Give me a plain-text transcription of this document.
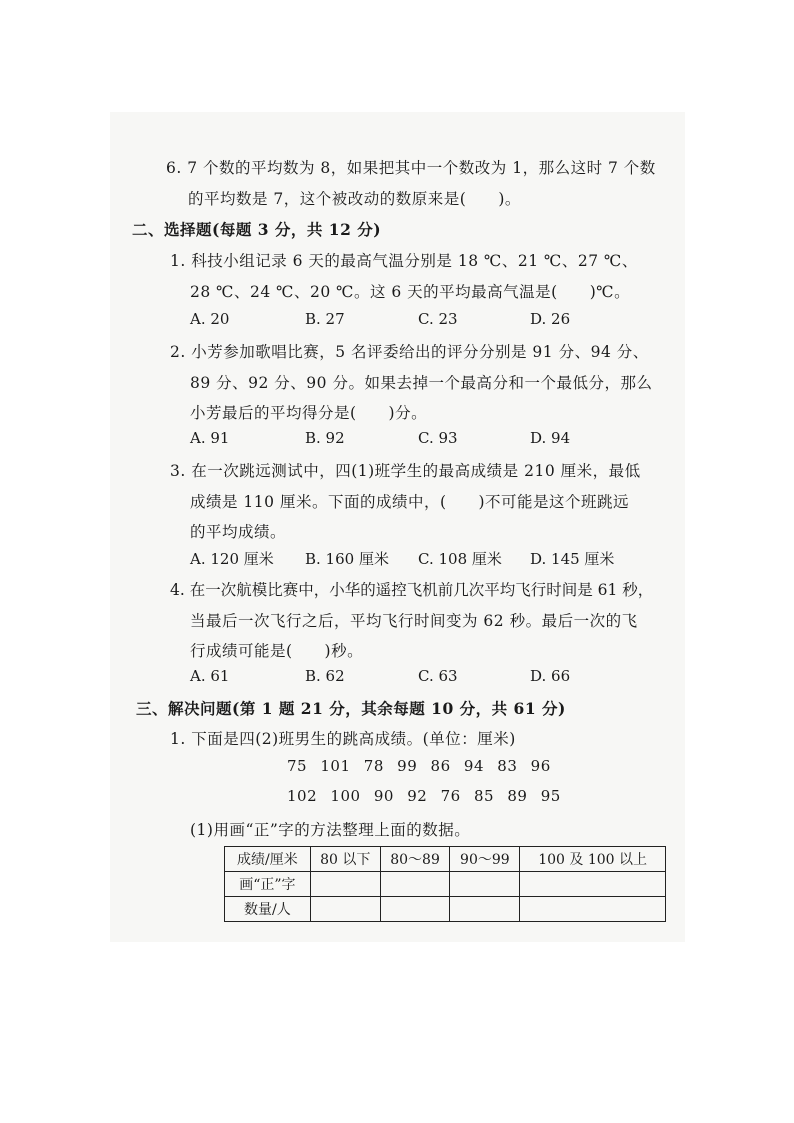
6. 7 个数的平均数为 8，如果把其中一个数改为 1，那么这时 7 个数
的平均数是 7，这个被改动的数原来是(　　)。
二、选择题(每题 3 分，共 12 分)
1. 科技小组记录 6 天的最高气温分别是 18 ℃、21 ℃、27 ℃、
28 ℃、24 ℃、20 ℃。这 6 天的平均最高气温是(　　)℃。
A. 20	B. 27	C. 23	D. 26
2. 小芳参加歌唱比赛，5 名评委给出的评分分别是 91 分、94 分、
89 分、92 分、90 分。如果去掉一个最高分和一个最低分，那么
小芳最后的平均得分是(　　)分。
A. 91	B. 92	C. 93	D. 94
3. 在一次跳远测试中，四(1)班学生的最高成绩是 210 厘米，最低
成绩是 110 厘米。下面的成绩中，(　　)不可能是这个班跳远
的平均成绩。
A. 120 厘米 B. 160 厘米 C. 108 厘米 D. 145 厘米
4. 在一次航模比赛中，小华的遥控飞机前几次平均飞行时间是 61 秒，
当最后一次飞行之后，平均飞行时间变为 62 秒。最后一次的飞
行成绩可能是(　　)秒。
A. 61	B. 62	C. 63	D. 66
三、解决问题(第 1 题 21 分，其余每题 10 分，共 61 分)
1. 下面是四(2)班男生的跳高成绩。(单位：厘米)
75 101 78 99 86 94 83 96
102 100 90 92 76 85 89 95
(1)用画“正”字的方法整理上面的数据。
成绩/厘米	80 以下	80～89	90～99	100 及 100 以上
画“正”字				
数量/人				
